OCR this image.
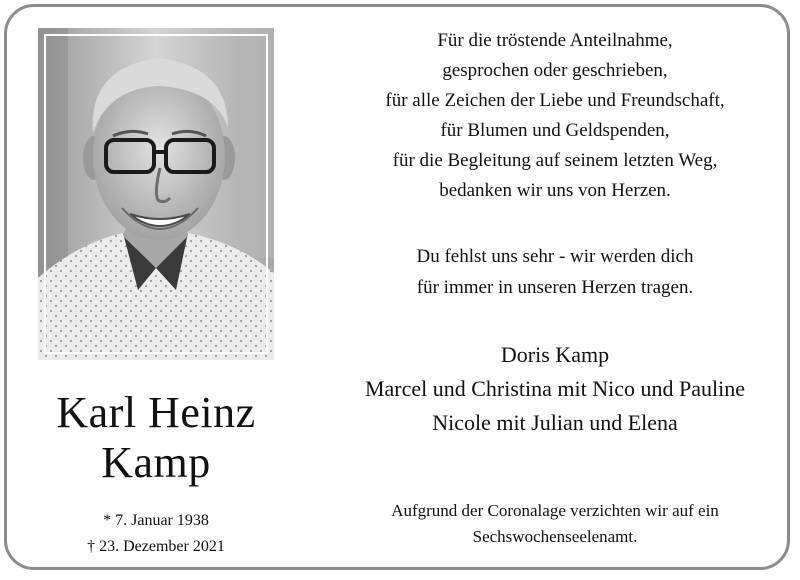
Karl Heinz
Kamp
* 7. Januar 1938
† 23. Dezember 2021
Für die tröstende Anteilnahme,
gesprochen oder geschrieben,
für alle Zeichen der Liebe und Freundschaft,
für Blumen und Geldspenden,
für die Begleitung auf seinem letzten Weg,
bedanken wir uns von Herzen.
Du fehlst uns sehr - wir werden dich
für immer in unseren Herzen tragen.
Doris Kamp
Marcel und Christina mit Nico und Pauline
Nicole mit Julian und Elena
Aufgrund der Coronalage verzichten wir auf ein
Sechswochenseelenamt.
